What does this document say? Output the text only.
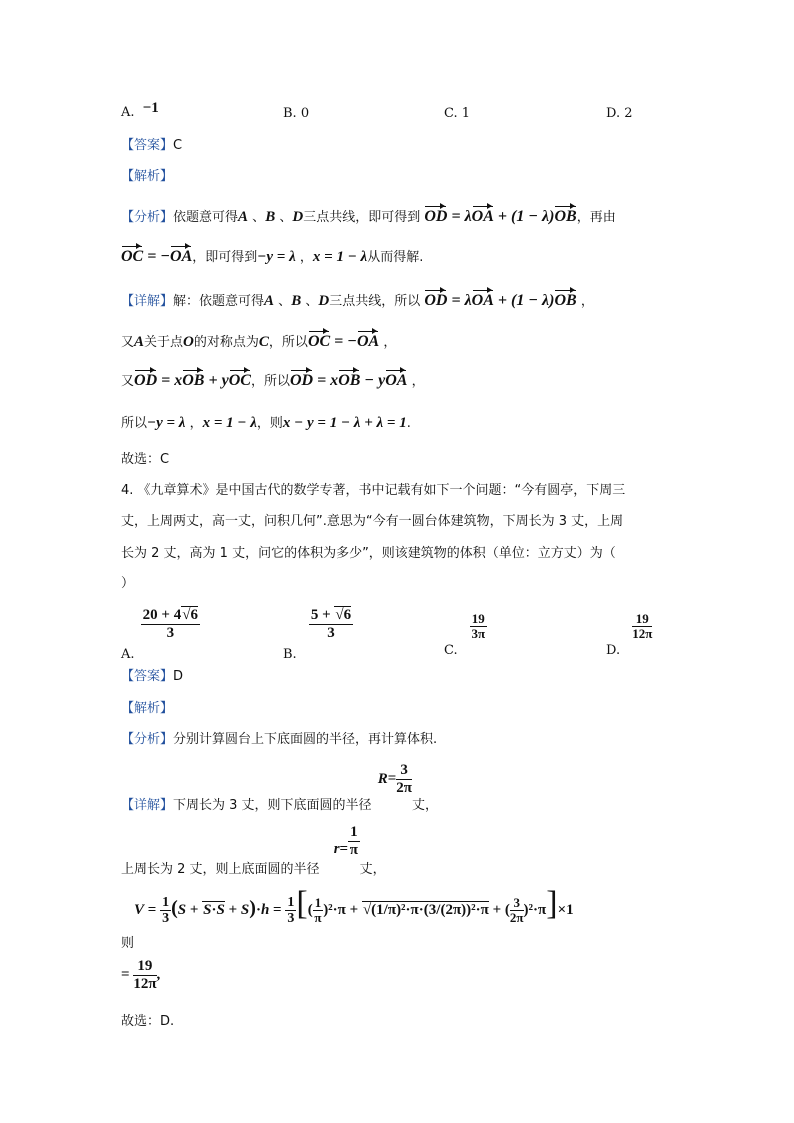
A. −1	B. 0	C. 1	D. 2
【答案】C
【解析】
【分析】依题意可得A 、B 、D三点共线，即可得到 OD = λOA + (1 − λ)OB，再由
OC = −OA，即可得到−y = λ ，x = 1 − λ从而得解.
【详解】解：依题意可得A 、B 、D三点共线，所以 OD = λOA + (1 − λ)OB ，
又A关于点O的对称点为C，所以OC = −OA ，
又OD = xOB + yOC，所以OD = xOB − yOA ，
所以−y = λ ，x = 1 − λ，则x − y = 1 − λ + λ = 1.
故选：C
4. 《九章算术》是中国古代的数学专著，书中记载有如下一个问题：“今有圆亭，下周三
丈，上周两丈，高一丈，问积几何”.意思为“今有一圆台体建筑物，下周长为 3 丈，上周
长为 2 丈，高为 1 丈，问它的体积为多少”，则该建筑物的体积（单位：立方丈）为（
）
A.
$\frac{20 + 4√6}{3}$
B.
$\frac{5 + √6}{3}$
C.
$\frac{19}{3\pi}$
D.
$\frac{19}{12\pi}$
【答案】D
【解析】
【分析】分别计算圆台上下底面圆的半径，再计算体积.
【详解】下周长为 3 丈，则下底面圆的半径 $R= \frac{3}{2\pi}$
丈，
上周长为 2 丈，则上底面圆的半径 $r= \frac{1}{\pi}$
丈，
$V = \frac{1}{3} (S + S\cdot S + S)\cdot h = \frac{1}{3}$ [( $\frac{1}{\pi} )^2\cdot\pi + √(1/\pi)^2\cdot\pi\cdot(3/(2\pi))^2\cdot\pi$ + ( $\frac{3}{2\pi} )^2\cdot\pi]\times 1$
则
= $\frac{19}{12\pi}$ ,
故选：D.
